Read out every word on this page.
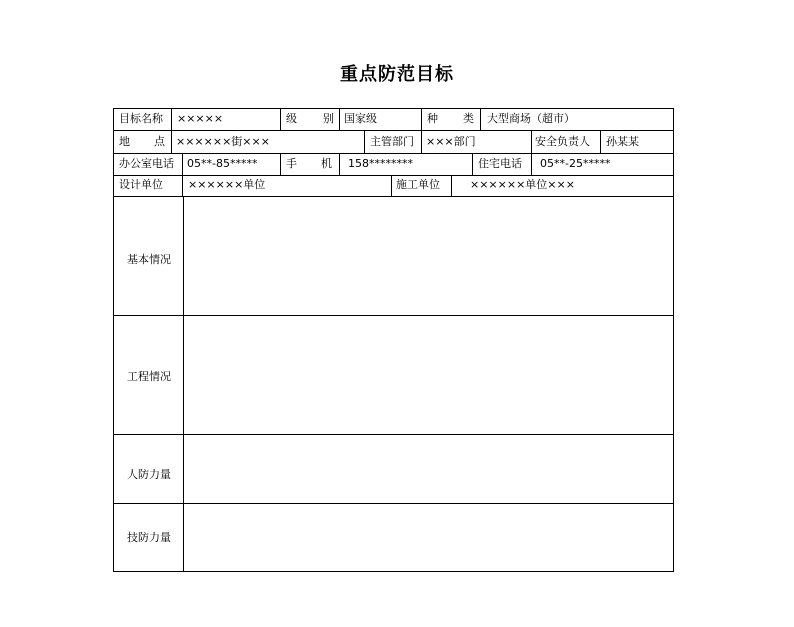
重点防范目标
目标名称 ×××××	级 别 国家级	种 类 大型商场（超市）
地 点 ××××××街×××	主管部门 ×××部门	安全负责人 孙某某
办公室电话 05**-85*****	手 机 158********	住宅电话 05**-25*****
设计单位 ××××××单位	施工单位	××××××单位×××
基本情况
工程情况
人防力量
技防力量
